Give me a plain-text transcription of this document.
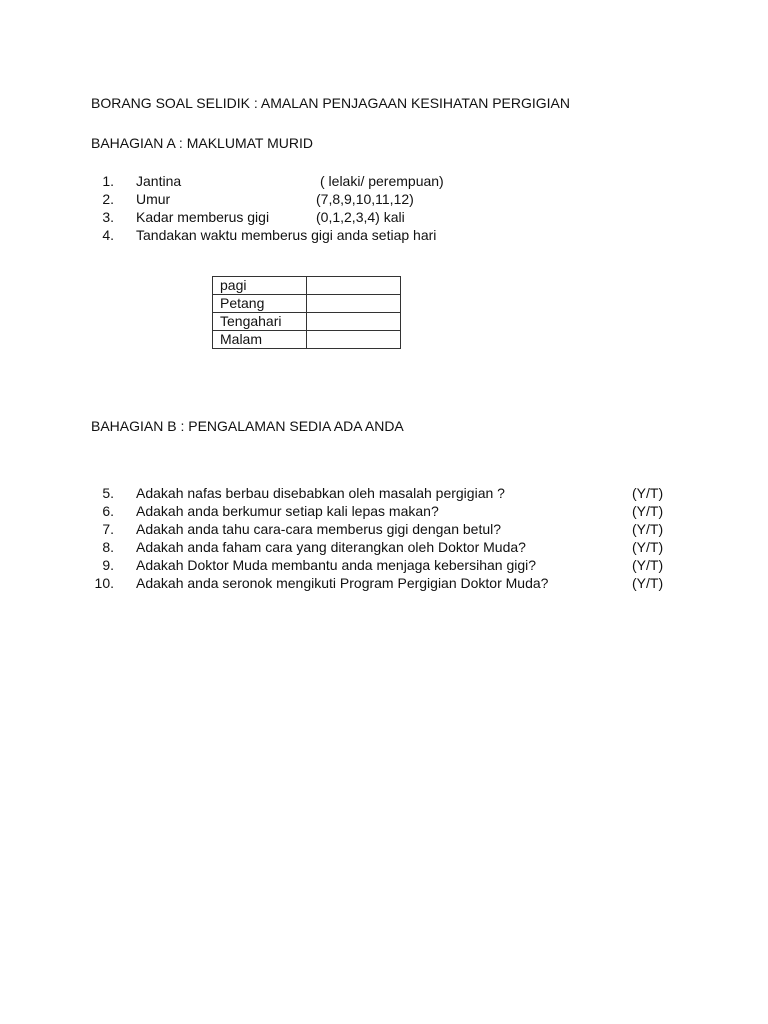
BORANG SOAL SELIDIK : AMALAN PENJAGAAN KESIHATAN PERGIGIAN
BAHAGIAN A : MAKLUMAT MURID
1. Jantina	( lelaki/ perempuan)
2. Umur	(7,8,9,10,11,12)
3. Kadar memberus gigi	(0,1,2,3,4) kali
4. Tandakan waktu memberus gigi anda setiap hari
pagi	
Petang	
Tengahari	
Malam	
BAHAGIAN B : PENGALAMAN SEDIA ADA ANDA
5. Adakah nafas berbau disebabkan oleh masalah pergigian ?	(Y/T)
6. Adakah anda berkumur setiap kali lepas makan?	(Y/T)
7. Adakah anda tahu cara-cara memberus gigi dengan betul?	(Y/T)
8. Adakah anda faham cara yang diterangkan oleh Doktor Muda?	(Y/T)
9. Adakah Doktor Muda membantu anda menjaga kebersihan gigi?	(Y/T)
10. Adakah anda seronok mengikuti Program Pergigian Doktor Muda?	(Y/T)
